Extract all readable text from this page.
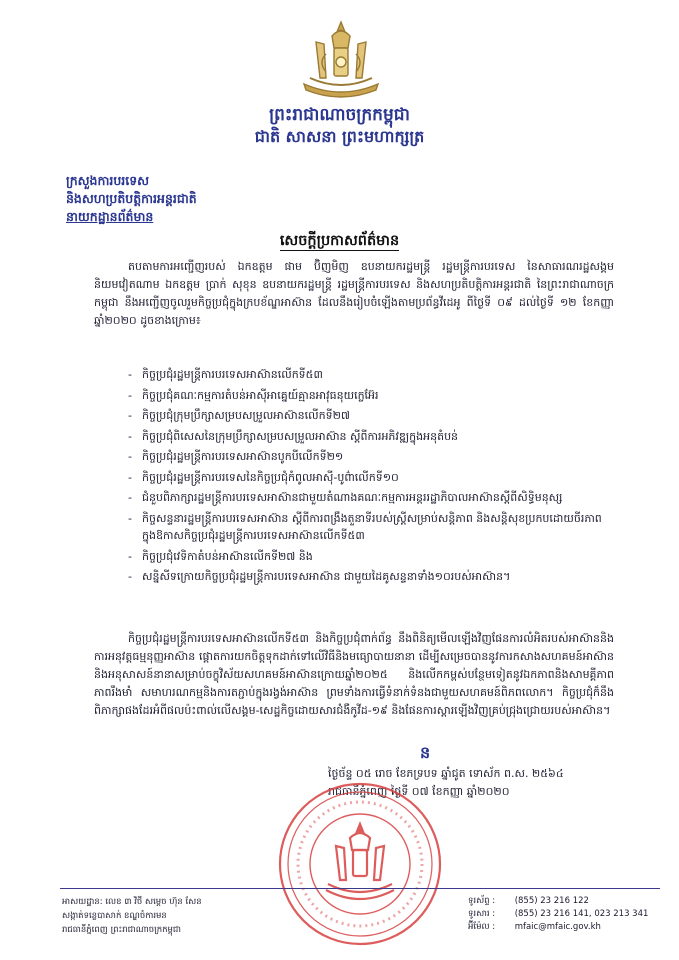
ព្រះរាជាណាចក្រកម្ពុជា
ជាតិ សាសនា ព្រះមហាក្សត្រ
ក្រសួងការបរទេស
និងសហប្រតិបត្តិការអន្តរជាតិ
នាយកដ្ឋានព័ត៌មាន
សេចក្តីប្រកាសព័ត៌មាន
តបតាមការអញ្ជើញរបស់ ឯកឧត្តម ផាម ប៊ិញមិញ ឧបនាយករដ្ឋមន្ត្រី រដ្ឋមន្ត្រីការបរទេស នៃសាធារណរដ្ឋសង្គមនិយមវៀតណាម ឯកឧត្តម ប្រាក់ សុខុន ឧបនាយករដ្ឋមន្ត្រី រដ្ឋមន្ត្រីការបរទេស និងសហប្រតិបត្តិការអន្តរជាតិ នៃព្រះរាជាណាចក្រកម្ពុជា នឹងអញ្ជើញចូលរួមកិច្ចប្រជុំក្នុងក្របខ័ណ្ឌអាស៊ាន ដែលនឹងរៀបចំឡើងតាមប្រព័ន្ធវីដេអូ ពីថ្ងៃទី ០៩ ដល់ថ្ងៃទី ១២ ខែកញ្ញា ឆ្នាំ២០២០ ដូចខាងក្រោម៖
- កិច្ចប្រជុំរដ្ឋមន្ត្រីការបរទេសអាស៊ានលើកទី៥៣
- កិច្ចប្រជុំគណៈកម្មការតំបន់អាស៊ីអាគ្នេយ៍គ្មានអាវុធនុយក្លេអ៊ែរ
- កិច្ចប្រជុំក្រុមប្រឹក្សាសម្របសម្រួលអាស៊ានលើកទី២៧
- កិច្ចប្រជុំពិសេសនៃក្រុមប្រឹក្សាសម្របសម្រួលអាស៊ាន ស្តីពីការអភិវឌ្ឍក្នុងអនុតំបន់
- កិច្ចប្រជុំរដ្ឋមន្ត្រីការបរទេសអាស៊ានបូកបីលើកទី២១
- កិច្ចប្រជុំរដ្ឋមន្ត្រីការបរទេសនៃកិច្ចប្រជុំកំពូលអាស៊ី-បូព៌ាលើកទី១០
- ជំនួបពិភាក្សារដ្ឋមន្ត្រីការបរទេសអាស៊ានជាមួយតំណាងគណៈកម្មការអន្តររដ្ឋាភិបាលអាស៊ានស្តីពីសិទ្ធិមនុស្ស
- កិច្ចសន្ទនារដ្ឋមន្ត្រីការបរទេសអាស៊ាន ស្តីពីការពង្រឹងតួនាទីរបស់ស្ត្រីសម្រាប់សន្តិភាព និងសន្តិសុខប្រកបដោយចីរភាព ក្នុងឱកាសកិច្ចប្រជុំរដ្ឋមន្ត្រីការបរទេសអាស៊ានលើកទី៥៣
- កិច្ចប្រជុំវេទិកាតំបន់អាស៊ានលើកទី២៧ និង
- សន្និសីទក្រោយកិច្ចប្រជុំរដ្ឋមន្ត្រីការបរទេសអាស៊ាន ជាមួយដៃគូសន្ទនាទាំង១០របស់អាស៊ាន។
កិច្ចប្រជុំរដ្ឋមន្ត្រីការបរទេសអាស៊ានលើកទី៥៣ និងកិច្ចប្រជុំពាក់ព័ន្ធ នឹងពិនិត្យមើលឡើងវិញផែនការលំអិតរបស់អាស៊ាននិងការអនុវត្តធម្មនុញ្ញអាស៊ាន ផ្តោតការយកចិត្តទុកដាក់ទៅលើវិធីនិងមធ្យោបាយនានា ដើម្បីសម្រេចបាននូវការកសាងសហគមន៍អាស៊ាននិងអនុសាសន៍នានាសម្រាប់ចក្ខុវិស័យសហគមន៍អាស៊ានក្រោយឆ្នាំ២០២៥ និងលើកកម្ពស់បន្ថែមទៀតនូវឯកភាពនិងសាមគ្គីភាព ភាពរឹងមាំ សមាហរណកម្មនិងការតភ្ជាប់ក្នុងរង្វង់អាស៊ាន ព្រមទាំងការធ្វើទំនាក់ទំនងជាមួយសហគមន៍ពិភពលោក។ កិច្ចប្រជុំក៏នឹងពិភាក្សាផងដែរអំពីផលប៉ះពាល់លើសង្គម-សេដ្ឋកិច្ចដោយសារជំងឺកូវីដ-១៩ និងផែនការស្តារឡើងវិញគ្រប់ជ្រុងជ្រោយរបស់អាស៊ាន។
ន
ថ្ងៃច័ន្ទ ០៥ រោច ខែភទ្របទ ឆ្នាំជូត ទោស័ក ព.ស. ២៥៦៤
រាជធានីភ្នំពេញ ថ្ងៃទី ០៧ ខែកញ្ញា ឆ្នាំ២០២០
អាសយដ្ឋាន: លេខ ៣ វិថី សម្តេច ហ៊ុន សែន
សង្កាត់ទន្លេបាសាក់ ខណ្ឌចំការមន
រាជធានីភ្នំពេញ ព្រះរាជាណាចក្រកម្ពុជា
ទូរស័ព្ទ : (855) 23 216 122
ទូរសារ : (855) 23 216 141, 023 213 341
អ៊ីម៉ែល : mfaic@mfaic.gov.kh
